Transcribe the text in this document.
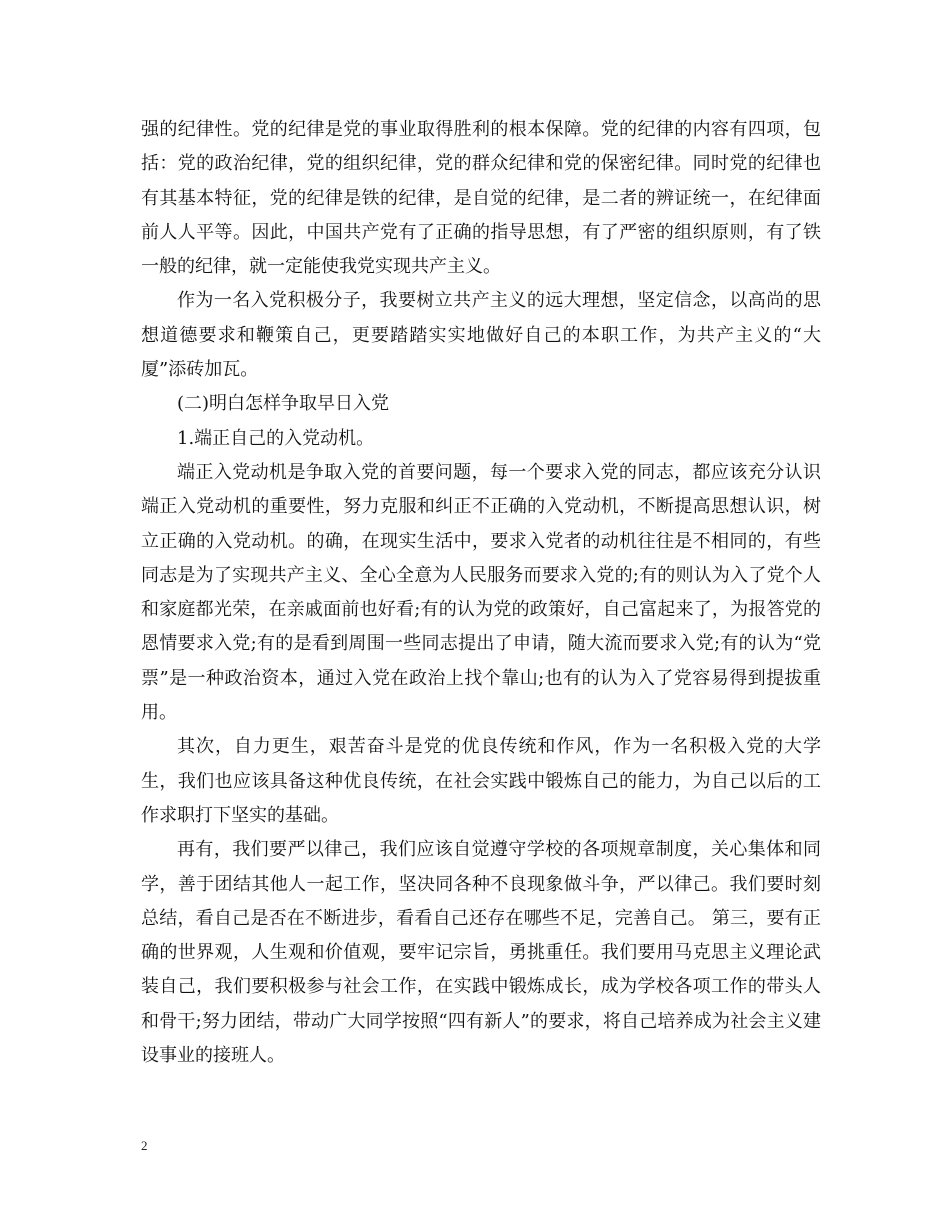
强的纪律性。党的纪律是党的事业取得胜利的根本保障。党的纪律的内容有四项，包括：党的政治纪律，党的组织纪律，党的群众纪律和党的保密纪律。同时党的纪律也有其基本特征，党的纪律是铁的纪律，是自觉的纪律，是二者的辨证统一，在纪律面前人人平等。因此，中国共产党有了正确的指导思想，有了严密的组织原则，有了铁一般的纪律，就一定能使我党实现共产主义。

作为一名入党积极分子，我要树立共产主义的远大理想，坚定信念，以高尚的思想道德要求和鞭策自己，更要踏踏实实地做好自己的本职工作，为共产主义的“大厦”添砖加瓦。

(二)明白怎样争取早日入党

1.端正自己的入党动机。

端正入党动机是争取入党的首要问题，每一个要求入党的同志，都应该充分认识端正入党动机的重要性，努力克服和纠正不正确的入党动机，不断提高思想认识，树立正确的入党动机。的确，在现实生活中，要求入党者的动机往往是不相同的，有些同志是为了实现共产主义、全心全意为人民服务而要求入党的;有的则认为入了党个人和家庭都光荣，在亲戚面前也好看;有的认为党的政策好，自己富起来了，为报答党的恩情要求入党;有的是看到周围一些同志提出了申请，随大流而要求入党;有的认为“党票”是一种政治资本，通过入党在政治上找个靠山;也有的认为入了党容易得到提拔重用。

其次，自力更生，艰苦奋斗是党的优良传统和作风，作为一名积极入党的大学生，我们也应该具备这种优良传统，在社会实践中锻炼自己的能力，为自己以后的工作求职打下坚实的基础。

再有，我们要严以律己，我们应该自觉遵守学校的各项规章制度，关心集体和同学，善于团结其他人一起工作，坚决同各种不良现象做斗争，严以律己。我们要时刻总结，看自己是否在不断进步，看看自己还存在哪些不足，完善自己。 第三，要有正确的世界观，人生观和价值观，要牢记宗旨，勇挑重任。我们要用马克思主义理论武装自己，我们要积极参与社会工作，在实践中锻炼成长，成为学校各项工作的带头人和骨干;努力团结，带动广大同学按照“四有新人”的要求，将自己培养成为社会主义建设事业的接班人。

2
